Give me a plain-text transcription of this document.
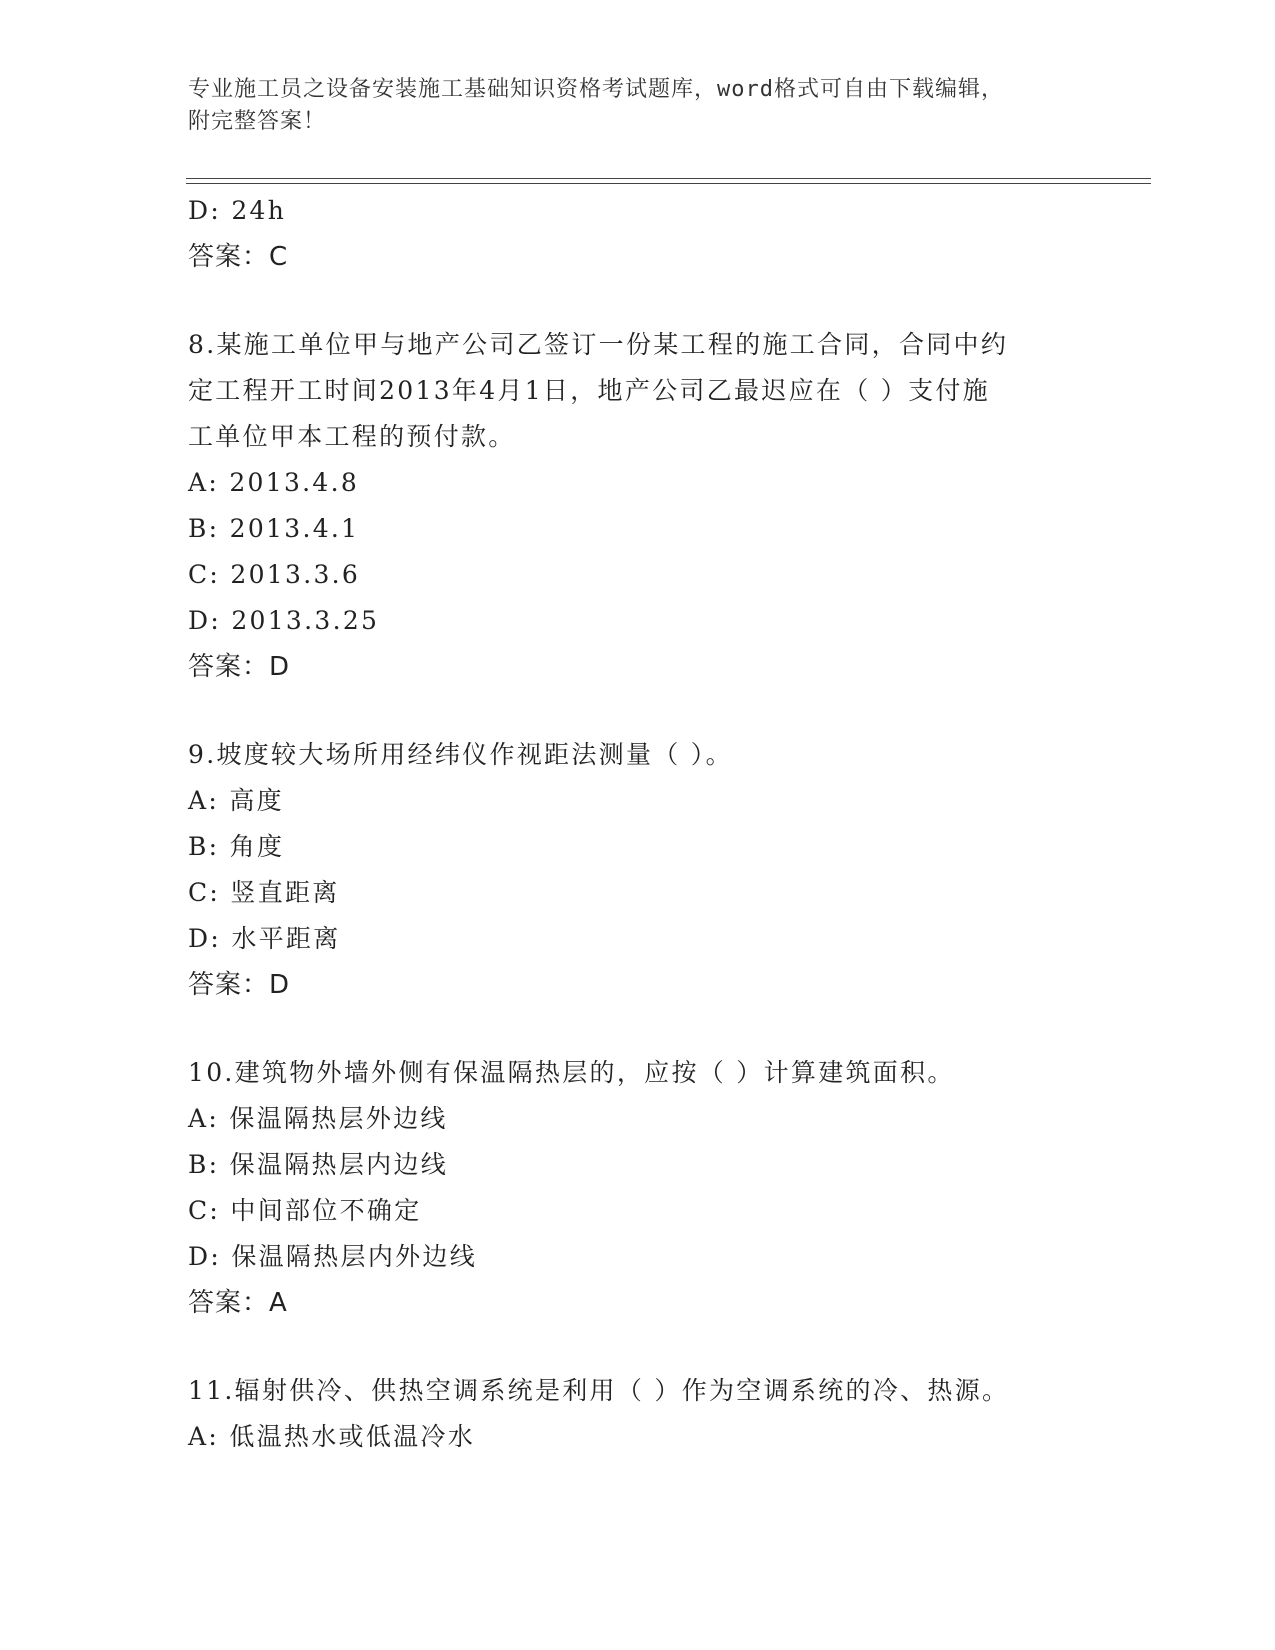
专业施工员之设备安装施工基础知识资格考试题库，word格式可自由下载编辑，
附完整答案！
D: 24h
答案：C
8.某施工单位甲与地产公司乙签订一份某工程的施工合同，合同中约
定工程开工时间2013年4月1日，地产公司乙最迟应在（ ）支付施
工单位甲本工程的预付款。
A: 2013.4.8
B: 2013.4.1
C: 2013.3.6
D: 2013.3.25
答案：D
9.坡度较大场所用经纬仪作视距法测量（ ）。
A: 高度
B: 角度
C: 竖直距离
D: 水平距离
答案：D
10.建筑物外墙外侧有保温隔热层的，应按（ ）计算建筑面积。
A: 保温隔热层外边线
B: 保温隔热层内边线
C: 中间部位不确定
D: 保温隔热层内外边线
答案：A
11.辐射供冷、供热空调系统是利用（ ）作为空调系统的冷、热源。
A: 低温热水或低温冷水
